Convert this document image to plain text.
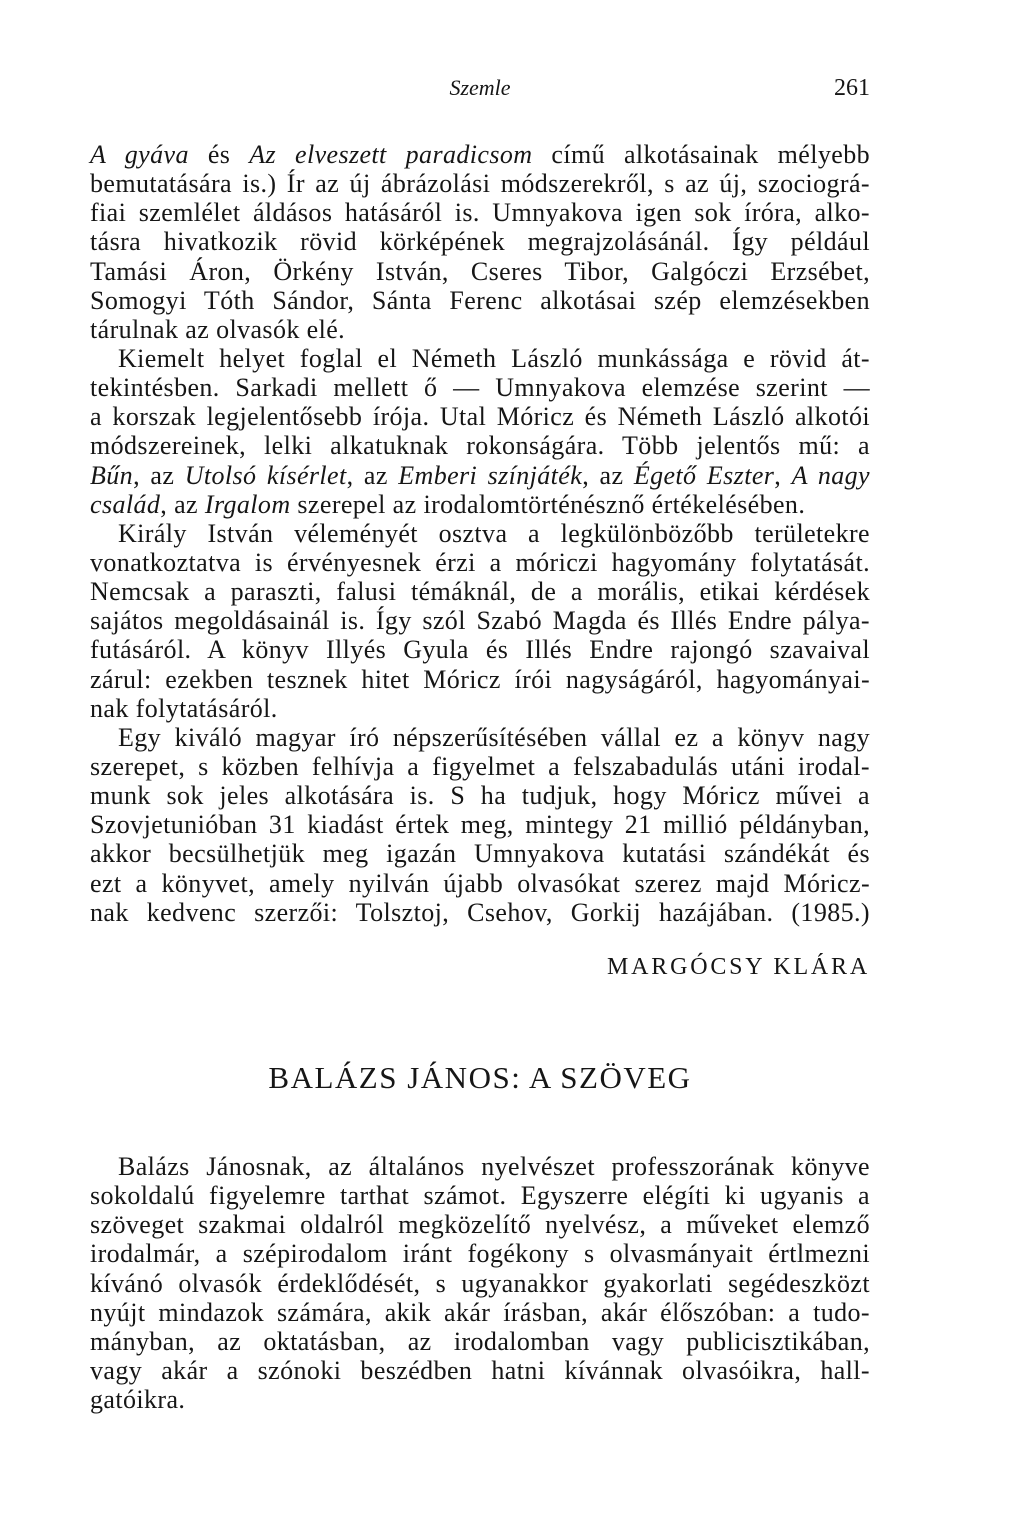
Szemle	261
A gyáva és Az elveszett paradicsom című alkotásainak mélyebb
bemutatására is.) Ír az új ábrázolási módszerekről, s az új, szociográ-
fiai szemlélet áldásos hatásáról is. Umnyakova igen sok íróra, alko-
tásra hivatkozik rövid körképének megrajzolásánál. Így például
Tamási Áron, Örkény István, Cseres Tibor, Galgóczi Erzsébet,
Somogyi Tóth Sándor, Sánta Ferenc alkotásai szép elemzésekben
tárulnak az olvasók elé.
Kiemelt helyet foglal el Németh László munkássága e rövid át-
tekintésben. Sarkadi mellett ő — Umnyakova elemzése szerint —
a korszak legjelentősebb írója. Utal Móricz és Németh László alkotói
módszereinek, lelki alkatuknak rokonságára. Több jelentős mű: a
Bűn, az Utolsó kísérlet, az Emberi színjáték, az Égető Eszter, A nagy
család, az Irgalom szerepel az irodalomtörténésznő értékelésében.
Király István véleményét osztva a legkülönbözőbb területekre
vonatkoztatva is érvényesnek érzi a móriczi hagyomány folytatását.
Nemcsak a paraszti, falusi témáknál, de a morális, etikai kérdések
sajátos megoldásainál is. Így szól Szabó Magda és Illés Endre pálya-
futásáról. A könyv Illyés Gyula és Illés Endre rajongó szavaival
zárul: ezekben tesznek hitet Móricz írói nagyságáról, hagyományai-
nak folytatásáról.
Egy kiváló magyar író népszerűsítésében vállal ez a könyv nagy
szerepet, s közben felhívja a figyelmet a felszabadulás utáni irodal-
munk sok jeles alkotására is. S ha tudjuk, hogy Móricz művei a
Szovjetunióban 31 kiadást értek meg, mintegy 21 millió példányban,
akkor becsülhetjük meg igazán Umnyakova kutatási szándékát és
ezt a könyvet, amely nyilván újabb olvasókat szerez majd Móricz-
nak kedvenc szerzői: Tolsztoj, Csehov, Gorkij hazájában. (1985.)
MARGÓCSY KLÁRA
BALÁZS JÁNOS: A SZÖVEG
Balázs Jánosnak, az általános nyelvészet professzorának könyve
sokoldalú figyelemre tarthat számot. Egyszerre elégíti ki ugyanis a
szöveget szakmai oldalról megközelítő nyelvész, a műveket elemző
irodalmár, a szépirodalom iránt fogékony s olvasmányait értlmezni
kívánó olvasók érdeklődését, s ugyanakkor gyakorlati segédeszközt
nyújt mindazok számára, akik akár írásban, akár élőszóban: a tudo-
mányban, az oktatásban, az irodalomban vagy publicisztikában,
vagy akár a szónoki beszédben hatni kívánnak olvasóikra, hall-
gatóikra.
